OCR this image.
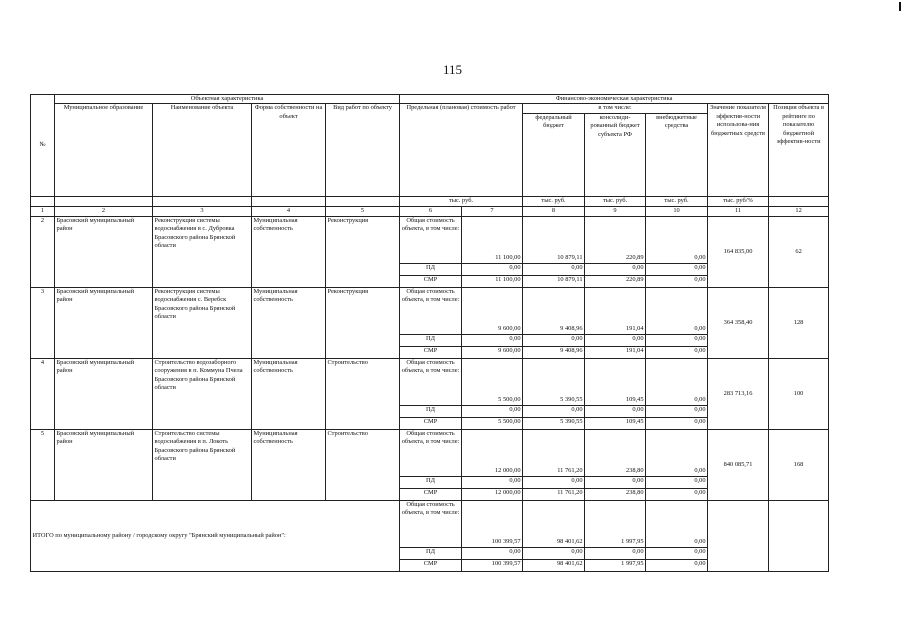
115
№	Объектная характеристика				Финансово-экономическая характеристика						
	Муниципальное образование	Наименование объекта	Форма собственности на объект	Вид работ по объекту	Предельная (плановая) стоимость работ		в том числе:			Значение показателя эффектив-ности использова-ния бюджетных средств	Позиция объекта в рейтинге по показателю бюджетной эффектив-ности
							федеральный бюджет	консолиди-рованный бюджет субъекта РФ	внебюджетные средства		
					тыс. руб.		тыс. руб.	тыс. руб.	тыс. руб.	тыс. руб/%	
1	2	3	4	5	6	7	8	9	10	11	12
2	Брасовский муниципальный район	Реконструкция системы водоснабжения в с. Дубровка Брасовского района Брянской области	Муниципальная собственность	Реконструкция	Общая стоимость объекта, в том числе:	11 100,00	10 879,11	220,89	0,00	164 835,00	62
					ПД	0,00	0,00	0,00	0,00		
					СМР	11 100,00	10 879,11	220,89	0,00		
3	Брасовский муниципальный район	Реконструкция системы водоснабжения с. Веребск Брасовского района Брянской области	Муниципальная собственность	Реконструкция	Общая стоимость объекта, в том числе:	9 600,00	9 408,96	191,04	0,00	364 358,40	128
					ПД	0,00	0,00	0,00	0,00		
					СМР	9 600,00	9 408,96	191,04	0,00		
4	Брасовский муниципальный район	Строительство водозаборного сооружения в п. Коммуна Пчела Брасовского района Брянской области	Муниципальная собственность	Строительство	Общая стоимость объекта, в том числе:	5 500,00	5 390,55	109,45	0,00	283 713,16	100
					ПД	0,00	0,00	0,00	0,00		
					СМР	5 500,00	5 390,55	109,45	0,00		
5	Брасовский муниципальный район	Строительство системы водоснабжения в п. Локоть Брасовского района Брянской области	Муниципальная собственность	Строительство	Общая стоимость объекта, в том числе:	12 000,00	11 761,20	238,80	0,00	840 085,71	168
					ПД	0,00	0,00	0,00	0,00		
					СМР	12 000,00	11 761,20	238,80	0,00		
ИТОГО по муниципальному району / городскому округу "Брянский муниципальный район":					Общая стоимость объекта, в том числе:	100 399,57	98 401,62	1 997,95	0,00		
					ПД	0,00	0,00	0,00	0,00		
					СМР	100 399,57	98 401,62	1 997,95	0,00		
